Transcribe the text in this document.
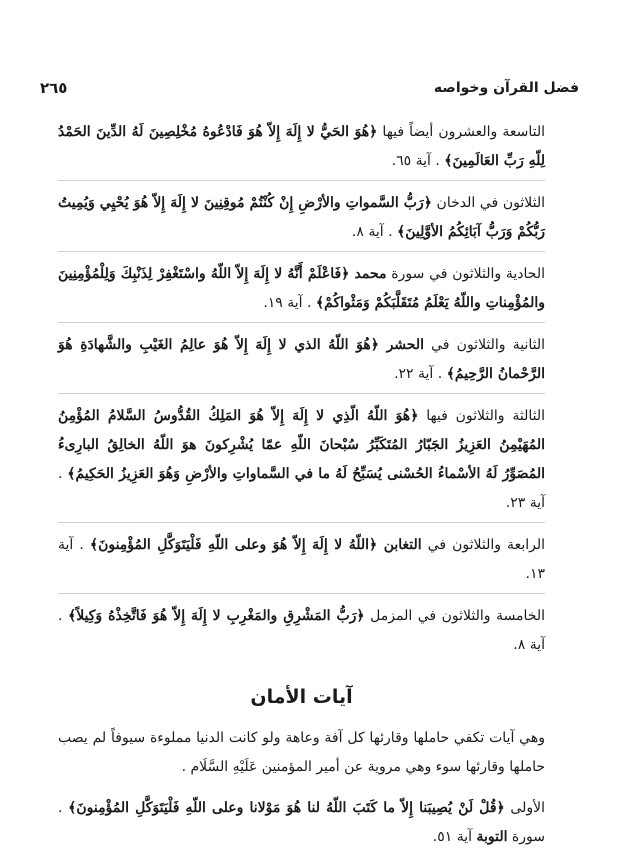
فضل القرآن وخواصه
٢٦٥

التاسعة والعشرون أيضاً فيها ﴿هُوَ الحَيُّ لا إِلَهَ إِلاّ هُوَ فَادْعُوهُ مُخْلِصِينَ لَهُ الدِّينَ الحَمْدُ لِلّهِ رَبِّ العَالَمِينَ﴾ . آية ٦٥.

الثلاثون في الدخان ﴿رَبُّ السَّمواتِ والأرْضِ إِنْ كُنْتُمْ مُوقِنِينَ لا إِلَهَ إِلاّ هُوَ يُحْيِي وَيُمِيتُ رَبُّكُمْ وَرَبُّ آبَائِكُمُ الأوَّلِينَ﴾ . آية ٨.

الحادية والثلاثون في سورة محمد ﴿فَاعْلَمْ أَنَّهُ لا إِلَهَ إِلاّ اللّهُ واسْتَغْفِرْ لِذَنْبِكَ وَلِلْمُؤْمِنِينَ والمُؤْمِناتِ واللّهُ يَعْلَمُ مُتَقَلَّبَكُمْ وَمَثْواكُمْ﴾ . آية ١٩.

الثانية والثلاثون في الحشر ﴿هُوَ اللّهُ الذي لا إِلَهَ إِلاّ هُوَ عالِمُ الغَيْبِ والشَّهادَةِ هُوَ الرَّحْمانُ الرَّحِيمُ﴾ . آية ٢٢.

الثالثة والثلاثون فيها ﴿هُوَ اللّهُ الّذِي لا إِلَهَ إِلاّ هُوَ المَلِكُ القُدُّوسُ السَّلامُ المُؤْمِنُ المُهَيْمِنُ العَزِيزُ الجَبّارُ المُتَكَبِّرُ سُبْحانَ اللّهِ عمّا يُشْرِكونَ هوَ اللّهُ الخالِقُ البارِىءُ المُصَوِّرُ لَهُ الأسْماءُ الحُسْنى يُسَبِّحُ لَهُ ما في السَّماواتِ والأرْضِ وَهُوَ العَزِيزُ الحَكِيمُ﴾ . آية ٢٣.

الرابعة والثلاثون في التغابن ﴿اللّهُ لا إِلَهَ إِلاّ هُوَ وعلى اللّهِ فَلْيَتَوَكَّلِ المُؤْمِنونَ﴾ . آية ١٣.

الخامسة والثلاثون في المزمل ﴿رَبُّ المَشْرِقِ والمَغْرِبِ لا إِلَهَ إِلاّ هُوَ فَاتَّخِذْهُ وَكِيلاً﴾ . آية ٨.

آيات الأمان

وهي آيات تكفي حاملها وقارئها كل آفة وعاهة ولو كانت الدنيا مملوءة سيوفاً لم يصب حاملها وقارئها سوء وهي مروية عن أمير المؤمنين عَلَيْهِ السَّلَام .

الأولى ﴿قُلْ لَنْ يُصِيبَنا إِلاّ ما كَتَبَ اللّهُ لنا هُوَ مَوْلانا وعلى اللّهِ فَلْيَتَوَكَّلِ المُؤْمِنونَ﴾ . سورة التوبة آية ٥١.
